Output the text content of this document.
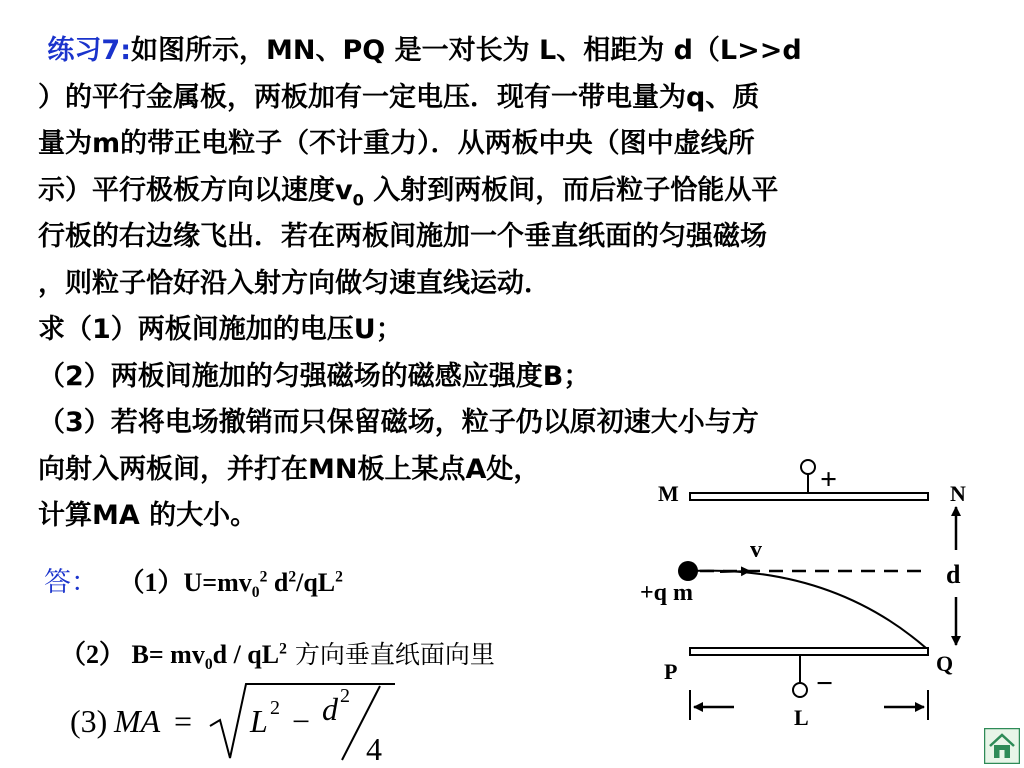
练习7:如图所示，MN、PQ 是一对长为 L、相距为 d（L>>d
）的平行金属板，两板加有一定电压．现有一带电量为q、质
量为m的带正电粒子（不计重力）．从两板中央（图中虚线所
示）平行极板方向以速度$v_0$ 入射到两板间，而后粒子恰能从平
行板的右边缘飞出．若在两板间施加一个垂直纸面的匀强磁场
，则粒子恰好沿入射方向做匀速直线运动．
求（1）两板间施加的电压U；
（2）两板间施加的匀强磁场的磁感应强度B；
（3）若将电场撤销而只保留磁场，粒子仍以原初速大小与方
向射入两板间，并打在MN板上某点A处，
计算MA 的大小。
答： $(1)U=mv_0^2$ $d^2/qL^2$
（2） $B= mv_0d / qL^2$ 方向垂直纸面向里
(3) MA = L 2 − d 2
4
+
M	N
−
P	Q
+q m
v
d
L
